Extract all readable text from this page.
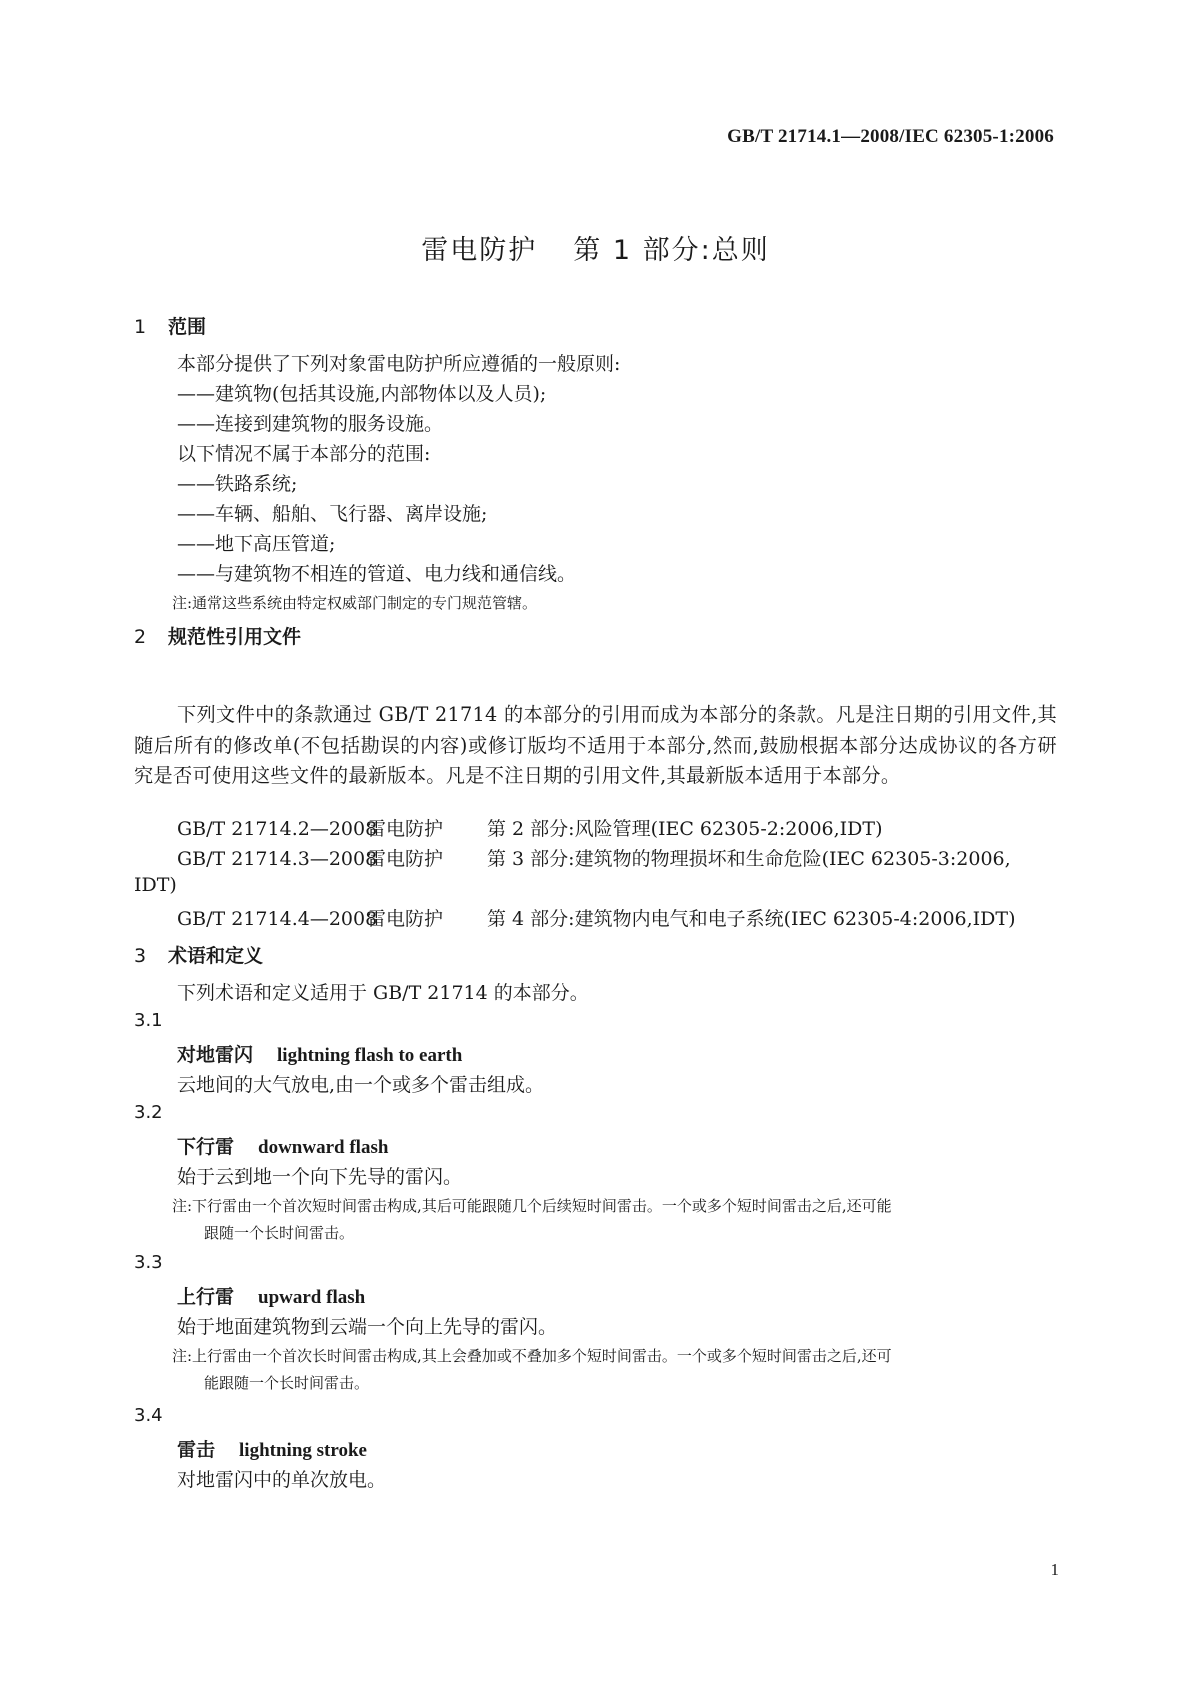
GB/T 21714.1—2008/IEC 62305-1:2006
雷电防护 第 1 部分:总则
1 范围
本部分提供了下列对象雷电防护所应遵循的一般原则:
——建筑物(包括其设施,内部物体以及人员);
——连接到建筑物的服务设施。
以下情况不属于本部分的范围:
——铁路系统;
——车辆、船舶、飞行器、离岸设施;
——地下高压管道;
——与建筑物不相连的管道、电力线和通信线。
注:通常这些系统由特定权威部门制定的专门规范管辖。
2 规范性引用文件
下列文件中的条款通过 GB/T 21714 的本部分的引用而成为本部分的条款。凡是注日期的引用文件,其随后所有的修改单(不包括勘误的内容)或修订版均不适用于本部分,然而,鼓励根据本部分达成协议的各方研究是否可使用这些文件的最新版本。凡是不注日期的引用文件,其最新版本适用于本部分。
GB/T 21714.2—2008雷电防护 第 2 部分:风险管理(IEC 62305-2:2006,IDT)
GB/T 21714.3—2008雷电防护 第 3 部分:建筑物的物理损坏和生命危险(IEC 62305-3:2006,
IDT)
GB/T 21714.4—2008雷电防护 第 4 部分:建筑物内电气和电子系统(IEC 62305-4:2006,IDT)
3 术语和定义
下列术语和定义适用于 GB/T 21714 的本部分。
3.1
对地雷闪 lightning flash to earth
云地间的大气放电,由一个或多个雷击组成。
3.2
下行雷 downward flash
始于云到地一个向下先导的雷闪。
注:下行雷由一个首次短时间雷击构成,其后可能跟随几个后续短时间雷击。一个或多个短时间雷击之后,还可能
跟随一个长时间雷击。
3.3
上行雷 upward flash
始于地面建筑物到云端一个向上先导的雷闪。
注:上行雷由一个首次长时间雷击构成,其上会叠加或不叠加多个短时间雷击。一个或多个短时间雷击之后,还可
能跟随一个长时间雷击。
3.4
雷击 lightning stroke
对地雷闪中的单次放电。
1
